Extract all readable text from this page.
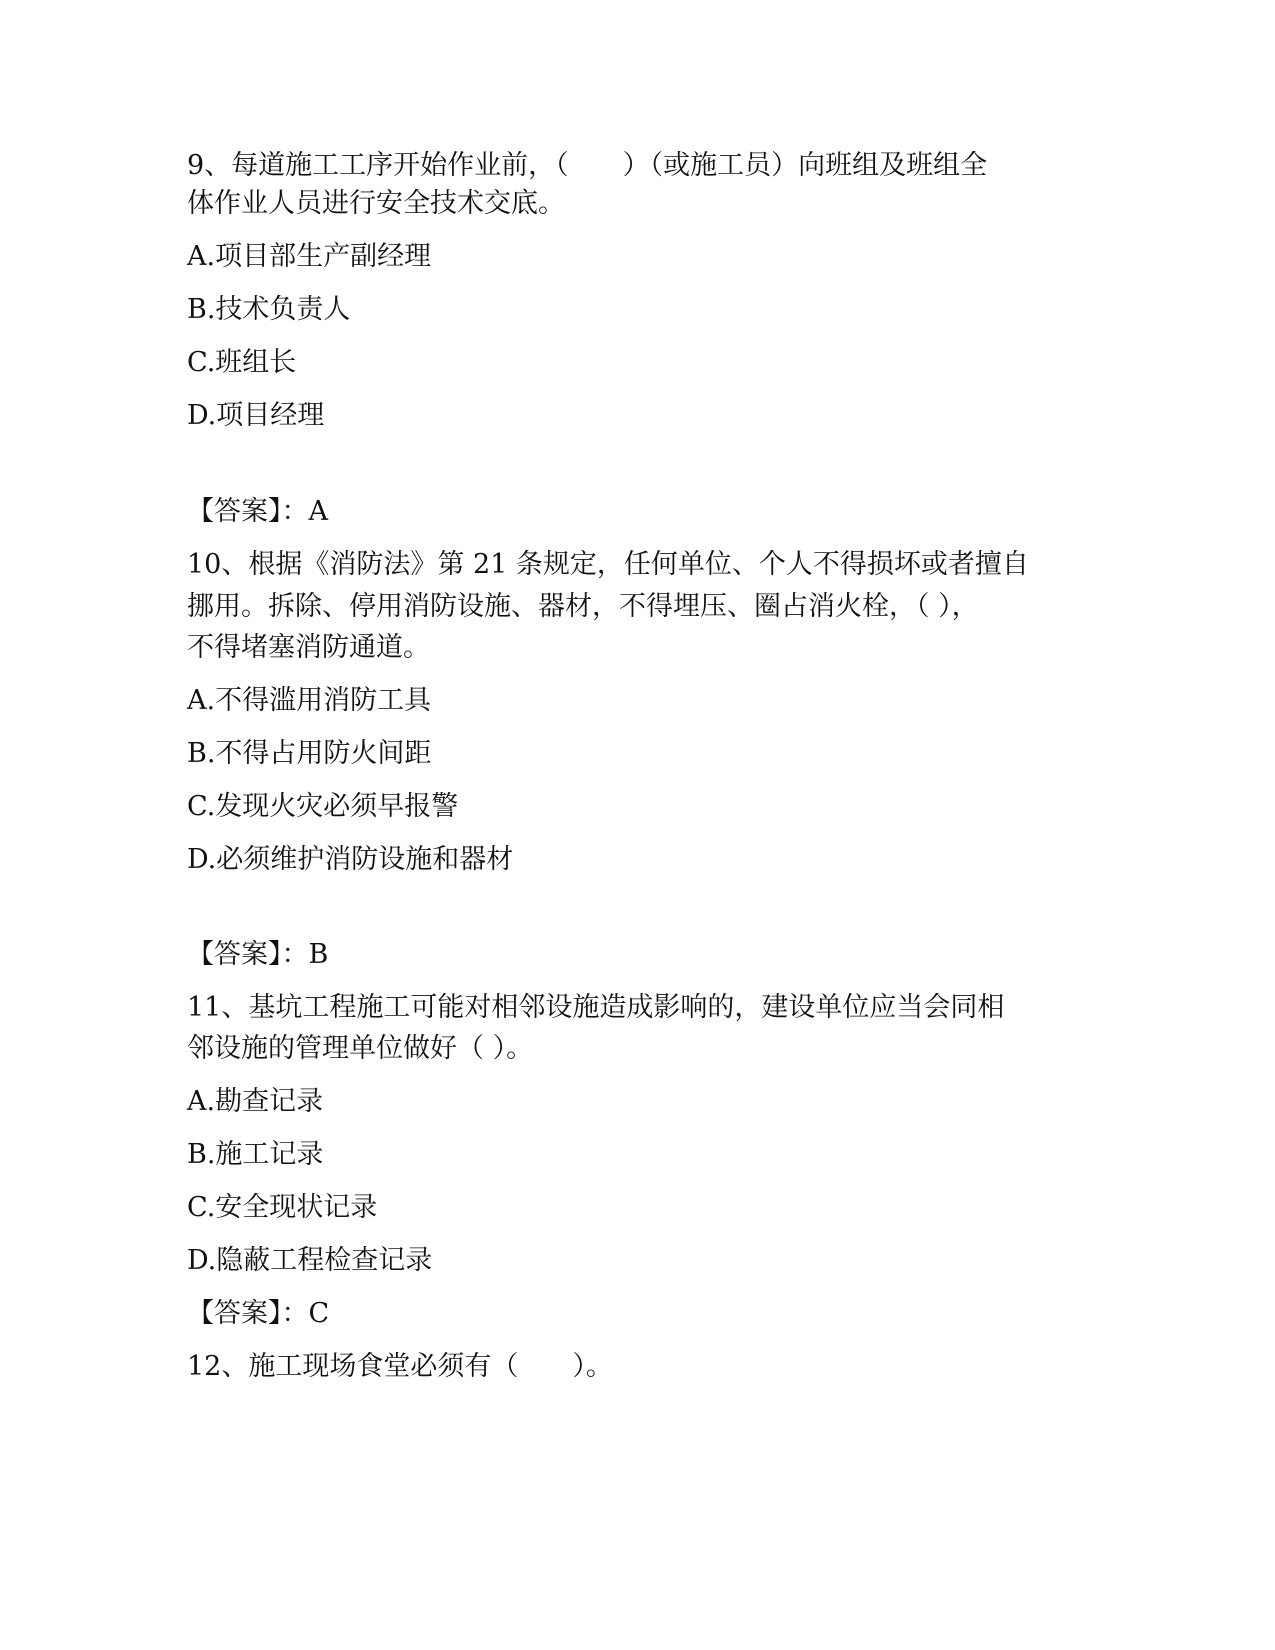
9、每道施工工序开始作业前，（　　）（或施工员）向班组及班组全
体作业人员进行安全技术交底。
A.项目部生产副经理
B.技术负责人
C.班组长
D.项目经理
【答案】：A
10、根据《消防法》第 21 条规定，任何单位、个人不得损坏或者擅自
挪用。拆除、停用消防设施、器材，不得埋压、圈占消火栓，（ ），
不得堵塞消防通道。
A.不得滥用消防工具
B.不得占用防火间距
C.发现火灾必须早报警
D.必须维护消防设施和器材
【答案】：B
11、基坑工程施工可能对相邻设施造成影响的，建设单位应当会同相
邻设施的管理单位做好（ ）。
A.勘查记录
B.施工记录
C.安全现状记录
D.隐蔽工程检查记录
【答案】：C
12、施工现场食堂必须有（　　）。
